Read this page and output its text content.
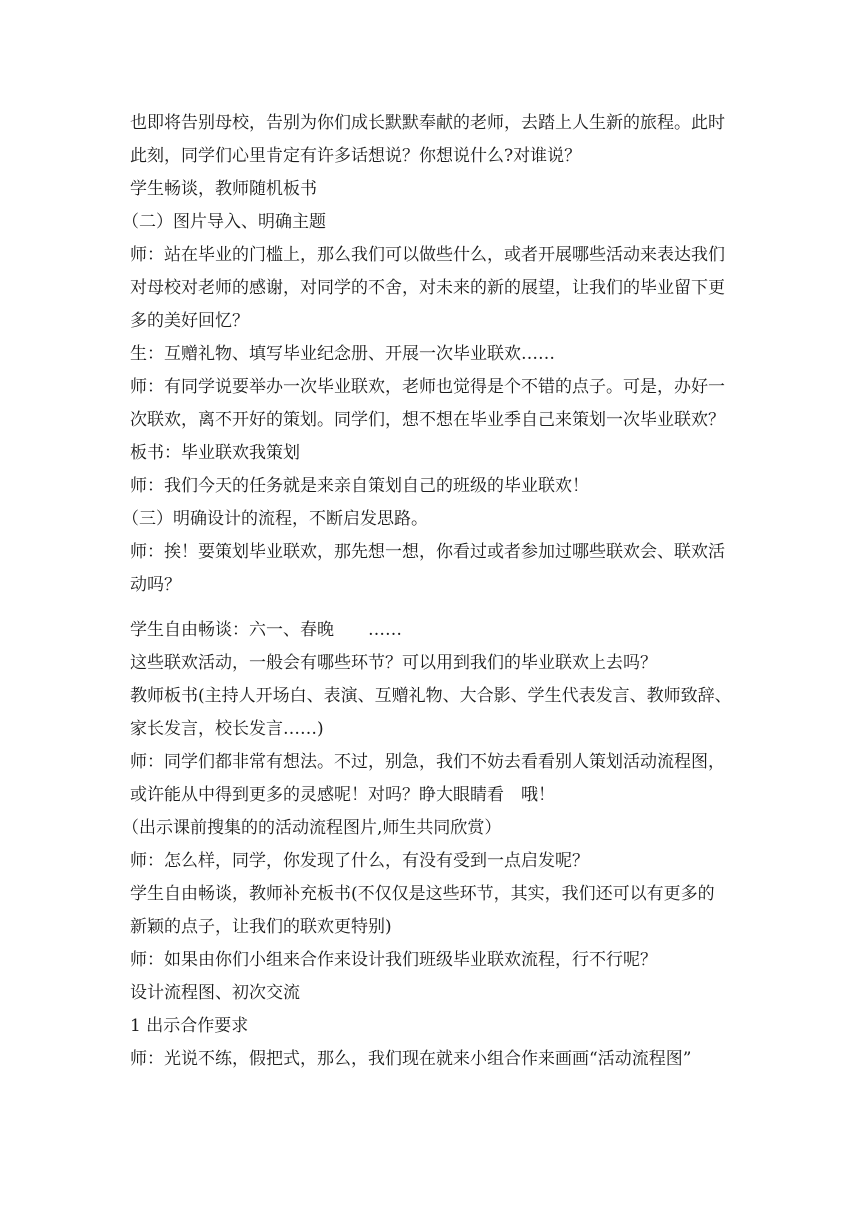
也即将告别母校，告别为你们成长默默奉献的老师，去踏上人生新的旅程。此时
此刻，同学们心里肯定有许多话想说？你想说什么?对谁说？
学生畅谈，教师随机板书
（二）图片导入、明确主题
师：站在毕业的门槛上，那么我们可以做些什么，或者开展哪些活动来表达我们
对母校对老师的感谢，对同学的不舍，对未来的新的展望，让我们的毕业留下更
多的美好回忆？
生：互赠礼物、填写毕业纪念册、开展一次毕业联欢……
师：有同学说要举办一次毕业联欢，老师也觉得是个不错的点子。可是，办好一
次联欢，离不开好的策划。同学们，想不想在毕业季自己来策划一次毕业联欢？
板书：毕业联欢我策划
师：我们今天的任务就是来亲自策划自己的班级的毕业联欢！
（三）明确设计的流程，不断启发思路。
师：挨！要策划毕业联欢，那先想一想，你看过或者参加过哪些联欢会、联欢活
动吗？
学生自由畅谈：六一、春晚　　……
这些联欢活动，一般会有哪些环节？可以用到我们的毕业联欢上去吗？
教师板书(主持人开场白、表演、互赠礼物、大合影、学生代表发言、教师致辞、
家长发言，校长发言……)
师：同学们都非常有想法。不过，别急，我们不妨去看看别人策划活动流程图，
或许能从中得到更多的灵感呢！对吗？睁大眼睛看　哦！
（出示课前搜集的的活动流程图片,师生共同欣赏）
师：怎么样，同学，你发现了什么，有没有受到一点启发呢？
学生自由畅谈，教师补充板书(不仅仅是这些环节，其实，我们还可以有更多的
新颖的点子，让我们的联欢更特别)
师：如果由你们小组来合作来设计我们班级毕业联欢流程，行不行呢？
设计流程图、初次交流
1 出示合作要求
师：光说不练，假把式，那么，我们现在就来小组合作来画画“活动流程图”
